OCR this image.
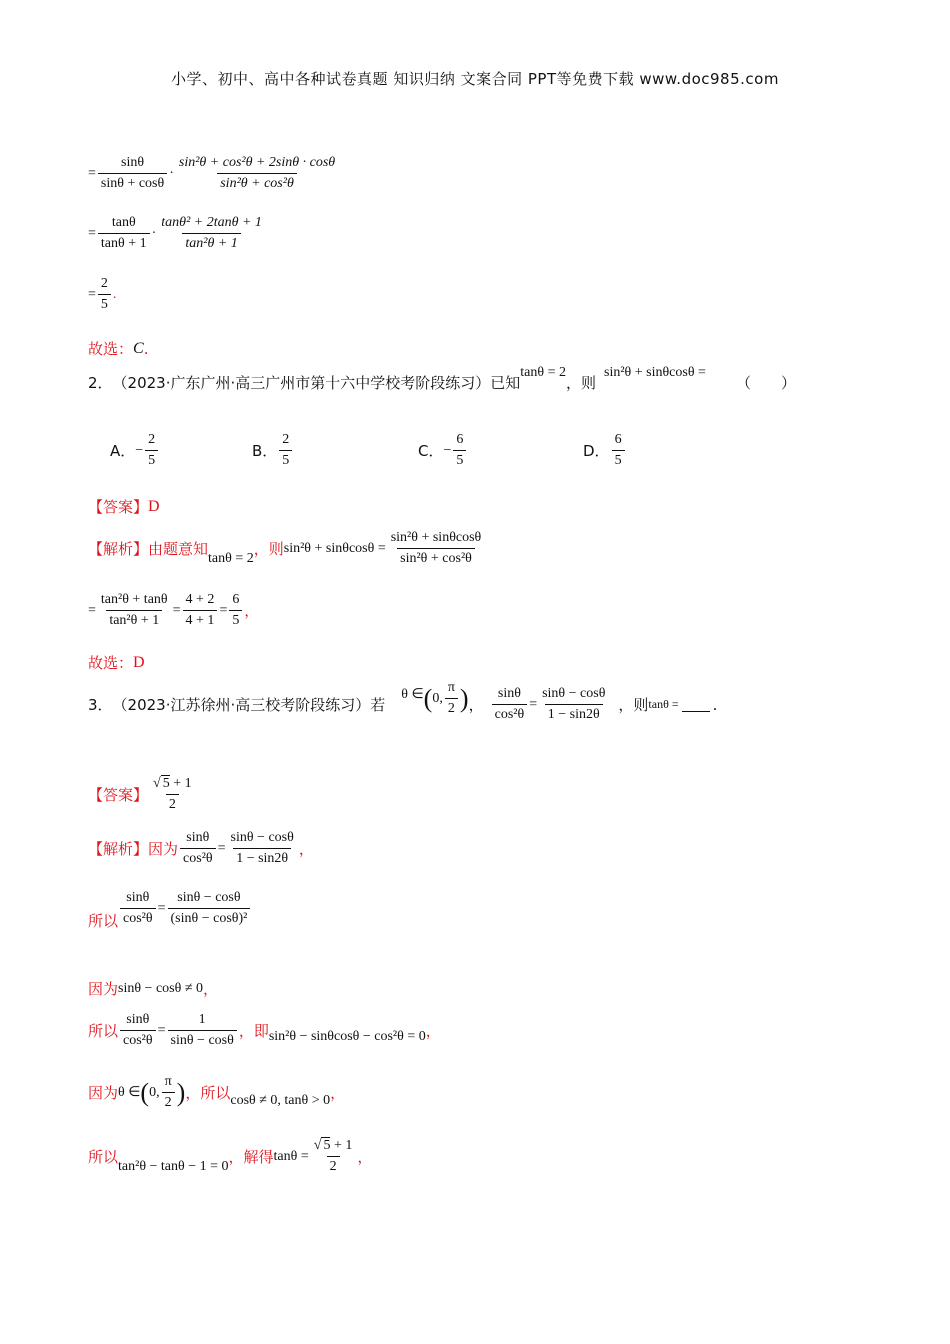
小学、初中、高中各种试卷真题 知识归纳 文案合同 PPT等免费下载 www.doc985.com
= $\frac{\sin\theta}{\sin\theta + \cos\theta} \cdot \frac{\text{sin²θ + cos²θ + 2sinθ · cosθ}}{\text{sin²θ + cos²θ}}$
= $\frac{\tan\theta}{\tan\theta + 1} \cdot \frac{\text{tanθ² + 2tanθ + 1}}{\text{tan²θ + 1}}$
= $\frac{2}{5}$ .
故选： C .
2． （2023·广东广州·高三广州市第十六中学校考阶段练习）已知
tanθ = 2
，则
sin²θ + sinθcosθ =
（　　）
A． − $\frac{2}{5}$	B． $\frac{2}{5}$	C． − $\frac{6}{5}$	D． $\frac{6}{5}$
【答案】 D
【解析】 由题意知 tanθ = 2 ，则 $\sin^2\theta + \sin\theta\cos\theta = \frac{\text{sin²θ + sinθcosθ}}{\text{sin²θ + cos²θ}}$
= $\frac{\text{tan²θ + tanθ}}{\text{tan²θ + 1}} = \frac{4 + 2}{4 + 1} = \frac{6}{5}$ ，
故选： D
3． （2023·江苏徐州·高三校考阶段练习）若
θ ∈ ( 0, $\frac{\pi}{2}$ ) ， $\frac{\sin\theta}{\text{cos²θ}} = \frac{\sin\theta - \cos\theta}{1 - \sin 2\theta}$ ，则 tanθ = .
【答案】 $\frac{√ 5 + 1}{2}$
【解析】 因为 $\frac{\sin\theta}{\text{cos²θ}} = \frac{\sin\theta - \cos\theta}{1 - \sin 2\theta}$ ，
所以 $\frac{\sin\theta}{\text{cos²θ}} = \frac{\sin\theta - \cos\theta}{\text{(sinθ − cosθ)²}}$
因为 sinθ − cosθ ≠ 0 ，
所以 $\frac{\sin\theta}{\text{cos²θ}} = \frac{1}{\sin\theta - \cos\theta}$ ，即 sin²θ − sinθcosθ − cos²θ = 0 ，
因为 θ ∈ ( 0, $\frac{\pi}{2}$ ) ，所以 cosθ ≠ 0, tanθ > 0 ，
所以 tan²θ − tanθ − 1 = 0 ，解得 $\tan\theta = \frac{√ 5 + 1}{2}$ ，
